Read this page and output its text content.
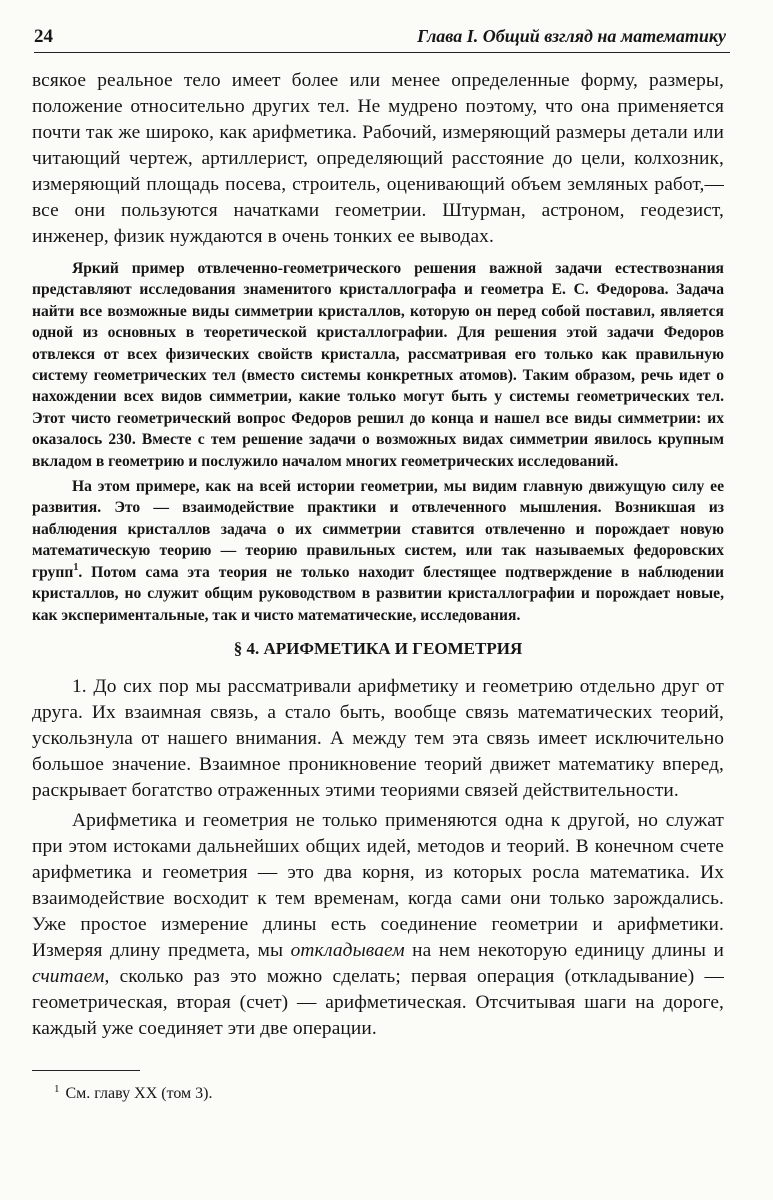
24	Глава I. Общий взгляд на математику

всякое реальное тело имеет более или менее определенные форму, размеры, положение относительно других тел. Не мудрено поэтому, что она применяется почти так же широко, как арифметика. Рабочий, измеряющий размеры детали или читающий чертеж, артиллерист, определяющий расстояние до цели, колхозник, измеряющий площадь посева, строитель, оценивающий объем земляных работ,— все они пользуются начатками геометрии. Штурман, астроном, геодезист, инженер, физик нуждаются в очень тонких ее выводах.

Яркий пример отвлеченно-геометрического решения важной задачи естествознания представляют исследования знаменитого кристаллографа и геометра Е. С. Федорова. Задача найти все возможные виды симметрии кристаллов, которую он перед собой поставил, является одной из основных в теоретической кристаллографии. Для решения этой задачи Федоров отвлекся от всех физических свойств кристалла, рассматривая его только как правильную систему геометрических тел (вместо системы конкретных атомов). Таким образом, речь идет о нахождении всех видов симметрии, какие только могут быть у системы геометрических тел. Этот чисто геометрический вопрос Федоров решил до конца и нашел все виды симметрии: их оказалось 230. Вместе с тем решение задачи о возможных видах симметрии явилось крупным вкладом в геометрию и послужило началом многих геометрических исследований.

На этом примере, как на всей истории геометрии, мы видим главную движущую силу ее развития. Это — взаимодействие практики и отвлеченного мышления. Возникшая из наблюдения кристаллов задача о их симметрии ставится отвлеченно и порождает новую математическую теорию — теорию правильных систем, или так называемых федоровских групп$^1$. Потом сама эта теория не только находит блестящее подтверждение в наблюдении кристаллов, но служит общим руководством в развитии кристаллографии и порождает новые, как экспериментальные, так и чисто математические, исследования.

§ 4. АРИФМЕТИКА И ГЕОМЕТРИЯ

1. До сих пор мы рассматривали арифметику и геометрию отдельно друг от друга. Их взаимная связь, а стало быть, вообще связь математических теорий, ускользнула от нашего внимания. А между тем эта связь имеет исключительно большое значение. Взаимное проникновение теорий движет математику вперед, раскрывает богатство отраженных этими теориями связей действительности.

Арифметика и геометрия не только применяются одна к другой, но служат при этом истоками дальнейших общих идей, методов и теорий. В конечном счете арифметика и геометрия — это два корня, из которых росла математика. Их взаимодействие восходит к тем временам, когда сами они только зарождались. Уже простое измерение длины есть соединение геометрии и арифметики. Измеряя длину предмета, мы откладываем на нем некоторую единицу длины и считаем, сколько раз это можно сделать; первая операция (откладывание) — геометрическая, вторая (счет) — арифметическая. Отсчитывая шаги на дороге, каждый уже соединяет эти две операции.

$^1$ См. главу XX (том 3).
